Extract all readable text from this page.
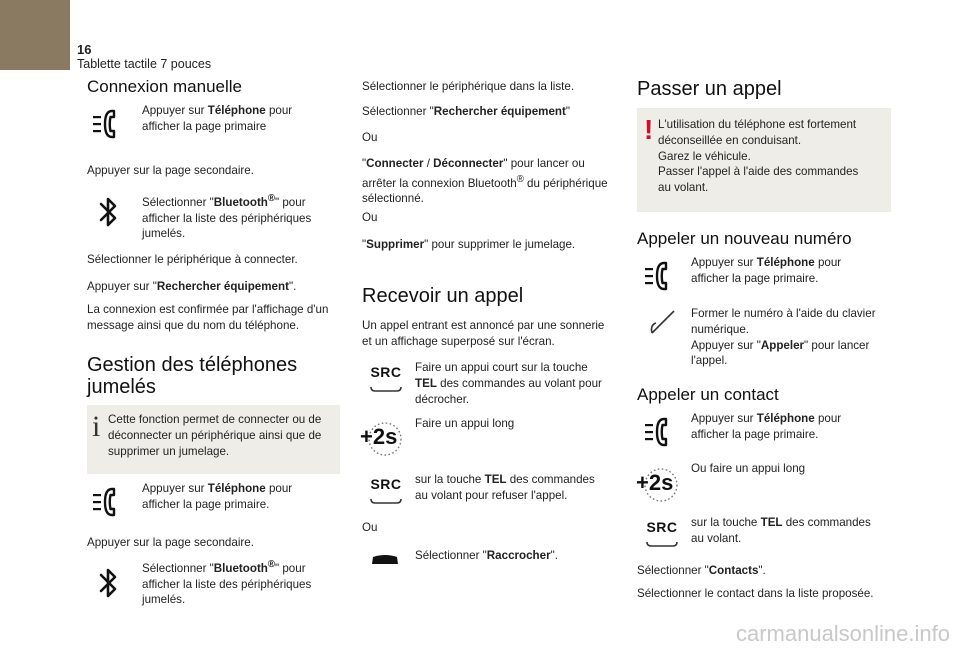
16
Tablette tactile 7 pouces
Connexion manuelle
Appuyer sur Téléphone pour
afficher la page primaire
Appuyer sur la page secondaire.
Sélectionner "Bluetooth®" pour
afficher la liste des périphériques
jumelés.
Sélectionner le périphérique à connecter.
Appuyer sur "Rechercher équipement".
La connexion est confirmée par l'affichage d'un
message ainsi que du nom du téléphone.
Gestion des téléphones
jumelés
i Cette fonction permet de connecter ou de
déconnecter un périphérique ainsi que de
supprimer un jumelage.
Appuyer sur Téléphone pour
afficher la page primaire.
Appuyer sur la page secondaire.
Sélectionner "Bluetooth®" pour
afficher la liste des périphériques
jumelés.
Sélectionner le périphérique dans la liste.
Sélectionner "Rechercher équipement"
Ou
"Connecter / Déconnecter" pour lancer ou
arrêter la connexion Bluetooth® du périphérique
sélectionné.
Ou
"Supprimer" pour supprimer le jumelage.
Recevoir un appel
Un appel entrant est annoncé par une sonnerie
et un affichage superposé sur l'écran.
SRC Faire un appui court sur la touche
TEL des commandes au volant pour
décrocher.
+2s
Faire un appui long
SRC sur la touche TEL des commandes
au volant pour refuser l'appel.
Ou
Sélectionner "Raccrocher".
Passer un appel
! L'utilisation du téléphone est fortement
déconseillée en conduisant.
Garez le véhicule.
Passer l'appel à l'aide des commandes
au volant.
Appeler un nouveau numéro
Appuyer sur Téléphone pour
afficher la page primaire.
Former le numéro à l'aide du clavier
numérique.
Appuyer sur "Appeler" pour lancer
l'appel.
Appeler un contact
Appuyer sur Téléphone pour
afficher la page primaire.
+2s
Ou faire un appui long
SRC sur la touche TEL des commandes
au volant.
Sélectionner "Contacts".
Sélectionner le contact dans la liste proposée.
carmanualsonline.info
